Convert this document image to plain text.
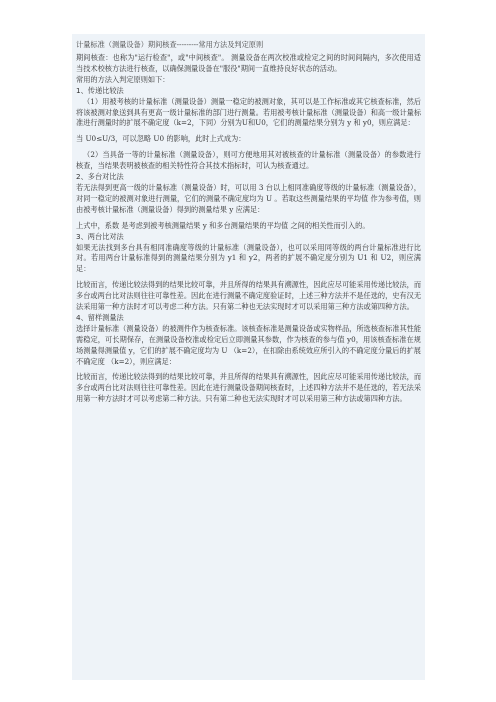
计量标准（测量设备）期间核查---------常用方法及判定原则
期间核查：也称为"运行检查"，或"中间核查"。 测量设备在两次校准或检定之间的时间间隔内，多次使用适当技术校核方法进行核查，以确保测量设备在"服役"期间一直维持良好状态的活动。
常用的方法入判定原则如下：
1、传递比较法
（1）用被考核的计量标准（测量设备）测量一稳定的被测对象，其可以是工作标准或其它核查标准，然后将该被测对象送到具有更高一级计量标准的部门进行测量。若用被考核计量标准（测量设备）和高一级计量标准进行测量时的扩展不确定度（k=2，下同）分别为U和U0，它们的测量结果分别为 y 和 y0，则应满足：
当 U0≤U/3，可以忽略 U0 的影响，此时上式成为：
（2）当具备一等的计量标准（测量设备），则可方便地用其对被核查的计量标准（测量设备）的参数进行核查，当结果表明被核查的相关特性符合其技术指标时，可认为核查通过。
2、多台对比法
若无法得到更高一级的计量标准（测量设备）时，可以用 3 台以上相同准确度等级的计量标准（测量设备），对同一稳定的被测对象进行测量，它们的测量不确定度均为 U 。若取这些测量结果的平均值 作为参考值，则由被考核计量标准（测量设备）得到的测量结果 y 应满足：
上式中，系数 是考虑到被考核测量结果 y 和多台测量结果的平均值 之间的相关性而引入的。
3、两台比对法
如果无法找到多台具有相同准确度等级的计量标准（测量设备），也可以采用同等级的两台计量标准进行比对。若用两台计量标准得到的测量结果分别为 y1 和 y2，两者的扩展不确定度分别为 U1 和 U2，则应满足：
比较而言，传递比较法得到的结果比较可靠，并且所得的结果具有溯源性，因此应尽可能采用传递比较法，而多台或两台比对法则往往可靠性差。因此在进行测量不确定度验证时，上述三种方法并不是任选的，史有汉无法采用第一种方法时才可以考虑二种方法。只有第二种也无法实现时才可以采用第三种方法或第四种方法。
4、留样测量法
选择计量标准（测量设备）的被测件作为核查标准。该核查标准是测量设备或实物样品，所选核查标准其性能需稳定，可长期保存，在测量设备校准或检定后立即测量其参数，作为核查的参与值 y0，用该核查标准在规场测量得测量值 y，它们的扩展不确定度均为 U （k=2），在扣除由系统效应所引入的不确定度分量后的扩展不确定度 （k=2），则应满足：
比较而言，传递比较法得到的结果比较可靠，并且所得的结果具有溯源性，因此应尽可能采用传递比较法，而多台或两台比对法则往往可靠性差。因此在进行测量设备期间核查时，上述四种方法并不是任选的，若无法采用第一种方法时才可以考虑第二种方法。只有第二种也无法实现时才可以采用第三种方法或第四种方法。
